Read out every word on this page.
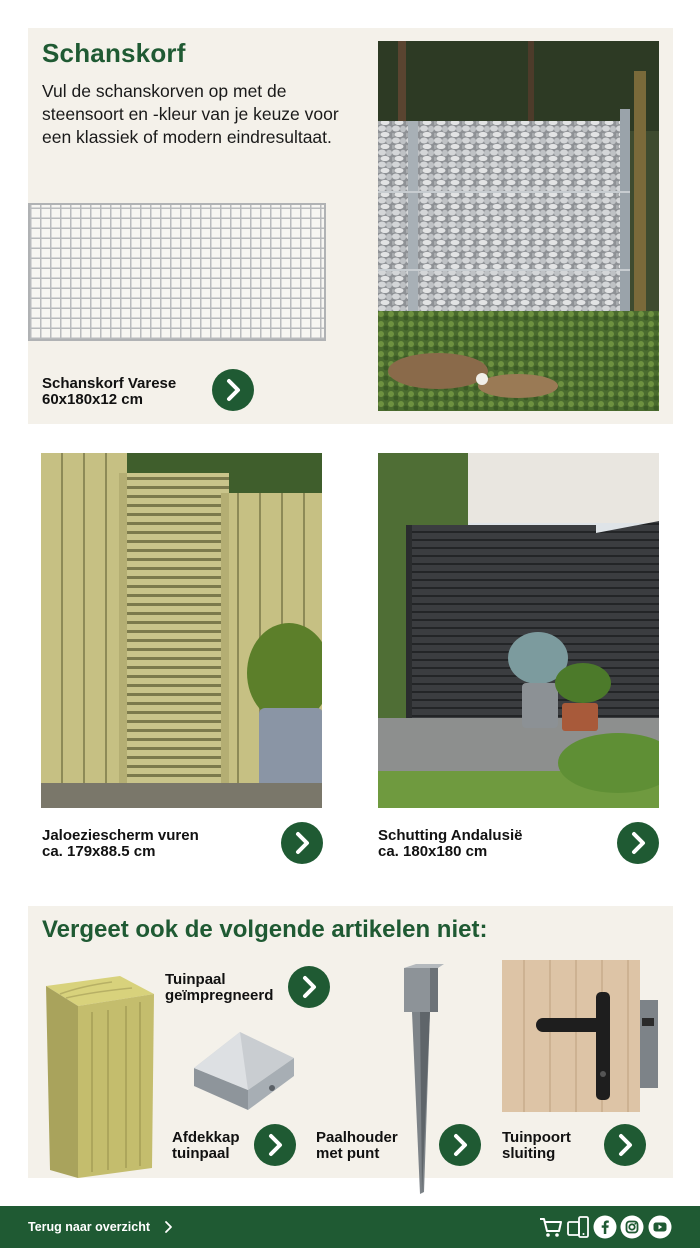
Schanskorf

Vul de schanskorven op met de steensoort en -kleur van je keuze voor een klassiek of modern eindresultaat.

Schanskorf Varese
60x180x12 cm
Jaloeziescherm vuren
ca. 179x88.5 cm
Schutting Andalusië
ca. 180x180 cm
Vergeet ook de volgende artikelen niet:
Tuinpaal
geïmpregneerd
Afdekkap
tuinpaal
Paalhouder
met punt
Tuinpoort
sluiting
Terug naar overzicht
